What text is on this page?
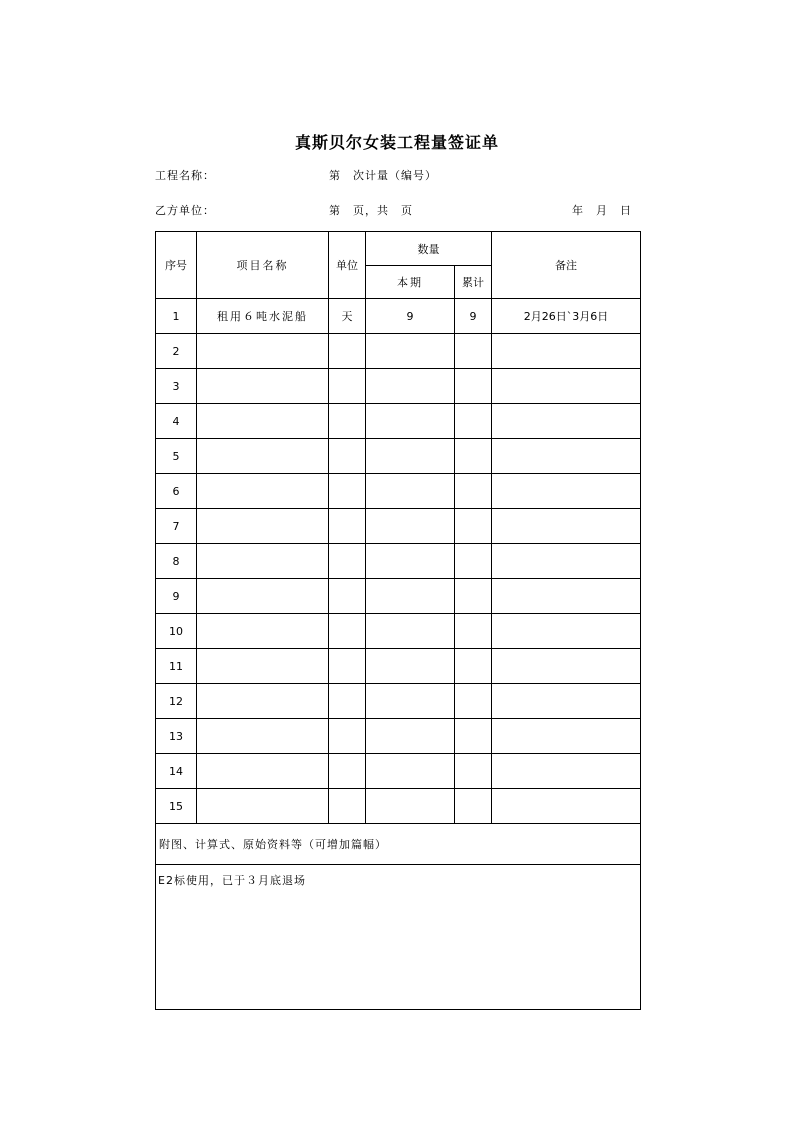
真斯贝尔女装工程量签证单
工程名称：	第　次计量（编号）
乙方单位：	第　页，共　页	年　月　日
序号	项目名称	单位	数量		备注
			本期	累计	
1	租用６吨水泥船	天	9	9	2月26日`3月6日
2					
3					
4					
5					
6					
7					
8					
9					
10					
11					
12					
13					
14					
15					
附图、计算式、原始资料等（可增加篇幅）					
E2标使用，已于３月底退场					
